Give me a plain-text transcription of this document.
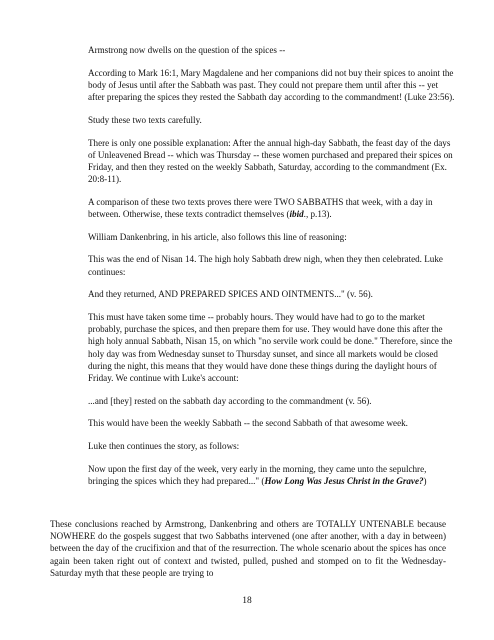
Armstrong now dwells on the question of the spices --

According to Mark 16:1, Mary Magdalene and her companions did not buy their spices to anoint the body of Jesus until after the Sabbath was past. They could not prepare them until after this -- yet after preparing the spices they rested the Sabbath day according to the commandment! (Luke 23:56).

Study these two texts carefully.

There is only one possible explanation: After the annual high-day Sabbath, the feast day of the days of Unleavened Bread -- which was Thursday -- these women purchased and prepared their spices on Friday, and then they rested on the weekly Sabbath, Saturday, according to the commandment (Ex. 20:8-11).

A comparison of these two texts proves there were TWO SABBATHS that week, with a day in between. Otherwise, these texts contradict themselves (ibid., p.13).

William Dankenbring, in his article, also follows this line of reasoning:

This was the end of Nisan 14. The high holy Sabbath drew nigh, when they then celebrated. Luke continues:

And they returned, AND PREPARED SPICES AND OINTMENTS..." (v. 56).

This must have taken some time -- probably hours. They would have had to go to the market probably, purchase the spices, and then prepare them for use. They would have done this after the high holy annual Sabbath, Nisan 15, on which "no servile work could be done." Therefore, since the holy day was from Wednesday sunset to Thursday sunset, and since all markets would be closed during the night, this means that they would have done these things during the daylight hours of Friday. We continue with Luke's account:

...and [they] rested on the sabbath day according to the commandment (v. 56).

This would have been the weekly Sabbath -- the second Sabbath of that awesome week.

Luke then continues the story, as follows:

Now upon the first day of the week, very early in the morning, they came unto the sepulchre, bringing the spices which they had prepared..." (How Long Was Jesus Christ in the Grave?)

These conclusions reached by Armstrong, Dankenbring and others are TOTALLY UNTENABLE because NOWHERE do the gospels suggest that two Sabbaths intervened (one after another, with a day in between) between the day of the crucifixion and that of the resurrection. The whole scenario about the spices has once again been taken right out of context and twisted, pulled, pushed and stomped on to fit the Wednesday-Saturday myth that these people are trying to

18
